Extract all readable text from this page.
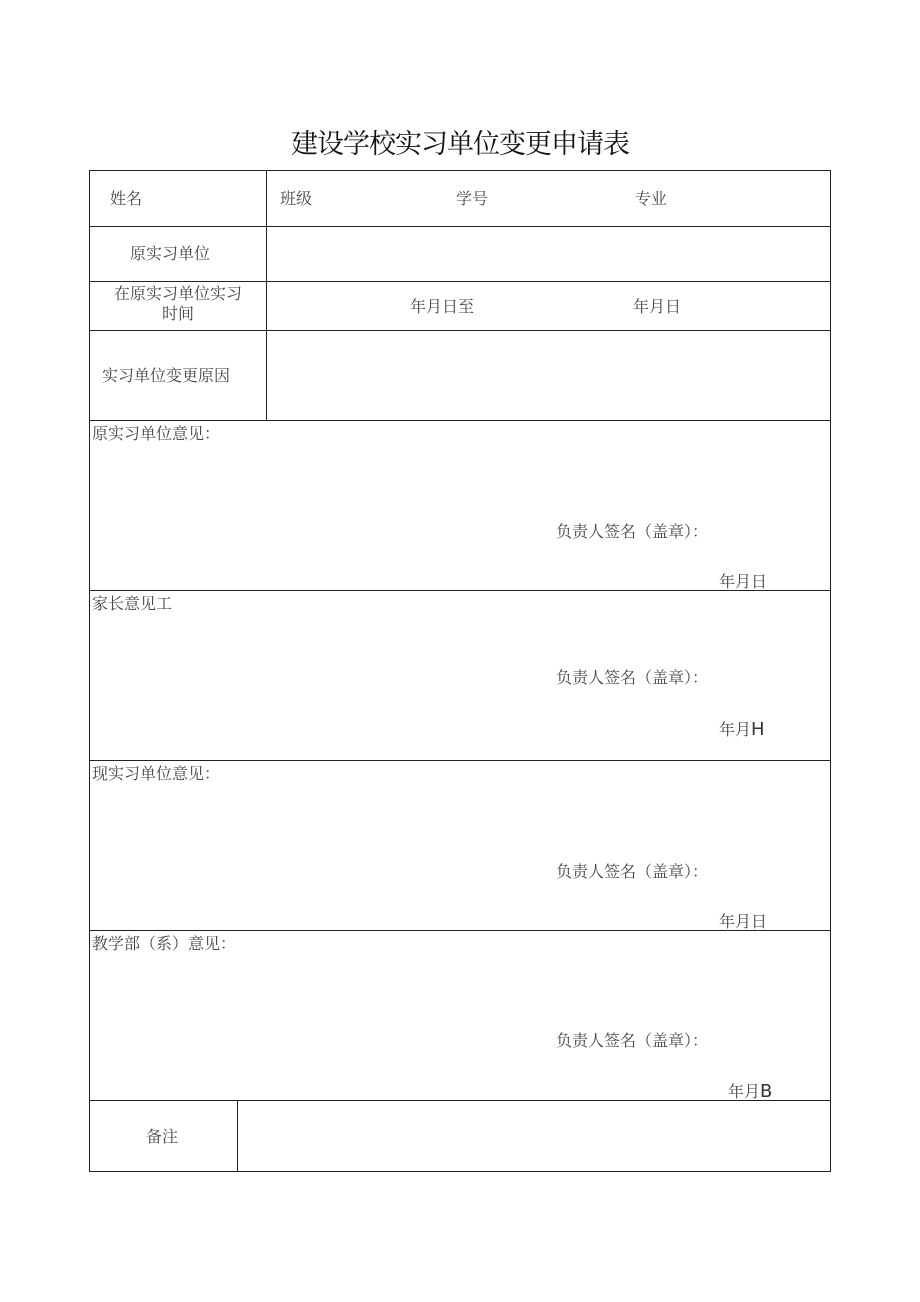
建设学校实习单位变更申请表
姓名	班级	学号	专业
原实习单位
在原实习单位实习
时间	年月日至	年月日
实习单位变更原因
原实习单位意见：
负责人签名（盖章）：
年月日
家长意见工
负责人签名（盖章）：
年月H
现实习单位意见：
负责人签名（盖章）：
年月日
教学部（系）意见：
负责人签名（盖章）：
年月B
备注
